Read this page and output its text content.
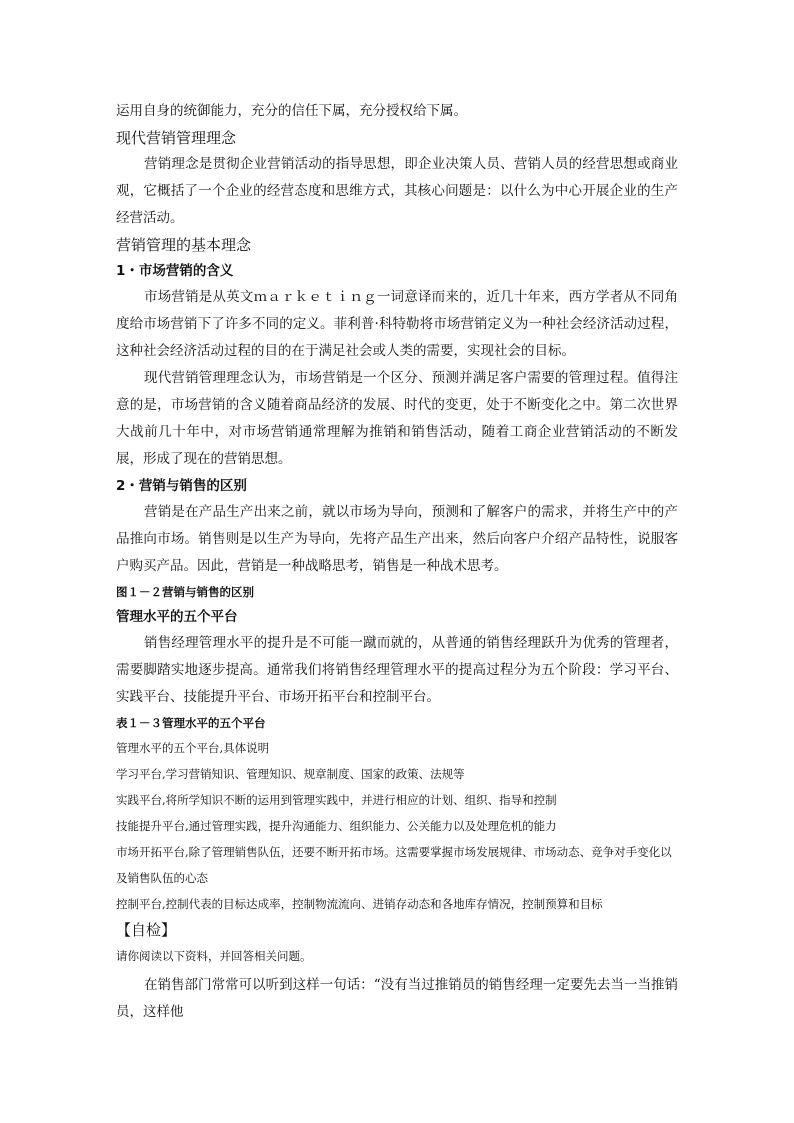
运用自身的统御能力，充分的信任下属，充分授权给下属。

现代营销管理理念

营销理念是贯彻企业营销活动的指导思想，即企业决策人员、营销人员的经营思想或商业观，它概括了一个企业的经营态度和思维方式，其核心问题是：以什么为中心开展企业的生产经营活动。

营销管理的基本理念

1・市场营销的含义

市场营销是从英文ｍａｒｋｅｔｉｎｇ一词意译而来的，近几十年来，西方学者从不同角度给市场营销下了许多不同的定义。菲利普·科特勒将市场营销定义为一种社会经济活动过程，这种社会经济活动过程的目的在于满足社会或人类的需要，实现社会的目标。

现代营销管理理念认为，市场营销是一个区分、预测并满足客户需要的管理过程。值得注意的是，市场营销的含义随着商品经济的发展、时代的变更，处于不断变化之中。第二次世界大战前几十年中，对市场营销通常理解为推销和销售活动，随着工商企业营销活动的不断发展，形成了现在的营销思想。

2・营销与销售的区别

营销是在产品生产出来之前，就以市场为导向，预测和了解客户的需求，并将生产中的产品推向市场。销售则是以生产为导向，先将产品生产出来，然后向客户介绍产品特性，说服客户购买产品。因此，营销是一种战略思考，销售是一种战术思考。

图１－２营销与销售的区别

管理水平的五个平台

销售经理管理水平的提升是不可能一蹴而就的，从普通的销售经理跃升为优秀的管理者，需要脚踏实地逐步提高。通常我们将销售经理管理水平的提高过程分为五个阶段：学习平台、实践平台、技能提升平台、市场开拓平台和控制平台。

表１－３管理水平的五个平台

管理水平的五个平台,具体说明

学习平台,学习营销知识、管理知识、规章制度、国家的政策、法规等

实践平台,将所学知识不断的运用到管理实践中，并进行相应的计划、组织、指导和控制

技能提升平台,通过管理实践，提升沟通能力、组织能力、公关能力以及处理危机的能力

市场开拓平台,除了管理销售队伍，还要不断开拓市场。这需要掌握市场发展规律、市场动态、竞争对手变化以及销售队伍的心态

控制平台,控制代表的目标达成率，控制物流流向、进销存动态和各地库存情况，控制预算和目标

【自检】

请你阅读以下资料，并回答相关问题。

在销售部门常常可以听到这样一句话：“没有当过推销员的销售经理一定要先去当一当推销员，这样他
